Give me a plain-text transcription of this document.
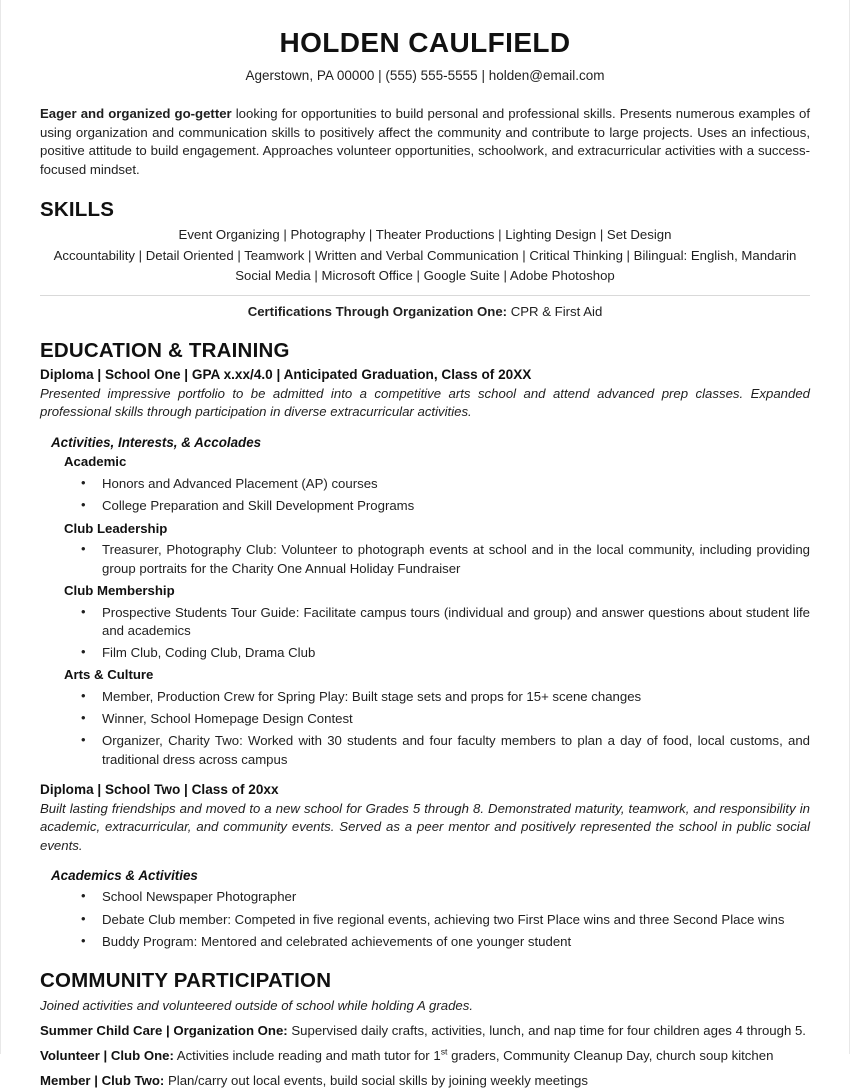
HOLDEN CAULFIELD
Agerstown, PA 00000 | (555) 555-5555 | holden@email.com

Eager and organized go-getter looking for opportunities to build personal and professional skills. Presents numerous examples of using organization and communication skills to positively affect the community and contribute to large projects. Uses an infectious, positive attitude to build engagement. Approaches volunteer opportunities, schoolwork, and extracurricular activities with a success-focused mindset.

SKILLS
Event Organizing | Photography | Theater Productions | Lighting Design | Set Design
Accountability | Detail Oriented | Teamwork | Written and Verbal Communication | Critical Thinking | Bilingual: English, Mandarin
Social Media | Microsoft Office | Google Suite | Adobe Photoshop
Certifications Through Organization One: CPR & First Aid
EDUCATION & TRAINING
Diploma | School One | GPA x.xx/4.0 | Anticipated Graduation, Class of 20XX
Presented impressive portfolio to be admitted into a competitive arts school and attend advanced prep classes. Expanded professional skills through participation in diverse extracurricular activities.
Activities, Interests, & Accolades
Academic
• Honors and Advanced Placement (AP) courses
• College Preparation and Skill Development Programs
Club Leadership
• Treasurer, Photography Club: Volunteer to photograph events at school and in the local community, including providing group portraits for the Charity One Annual Holiday Fundraiser
Club Membership
• Prospective Students Tour Guide: Facilitate campus tours (individual and group) and answer questions about student life and academics
• Film Club, Coding Club, Drama Club
Arts & Culture
• Member, Production Crew for Spring Play: Built stage sets and props for 15+ scene changes
• Winner, School Homepage Design Contest
• Organizer, Charity Two: Worked with 30 students and four faculty members to plan a day of food, local customs, and traditional dress across campus
Diploma | School Two | Class of 20xx
Built lasting friendships and moved to a new school for Grades 5 through 8. Demonstrated maturity, teamwork, and responsibility in academic, extracurricular, and community events. Served as a peer mentor and positively represented the school in public social events.
Academics & Activities
• School Newspaper Photographer
• Debate Club member: Competed in five regional events, achieving two First Place wins and three Second Place wins
• Buddy Program: Mentored and celebrated achievements of one younger student
COMMUNITY PARTICIPATION
Joined activities and volunteered outside of school while holding A grades.
Summer Child Care | Organization One: Supervised daily crafts, activities, lunch, and nap time for four children ages 4 through 5.
Volunteer | Club One: Activities include reading and math tutor for 1st graders, Community Cleanup Day, church soup kitchen
Member | Club Two: Plan/carry out local events, build social skills by joining weekly meetings
